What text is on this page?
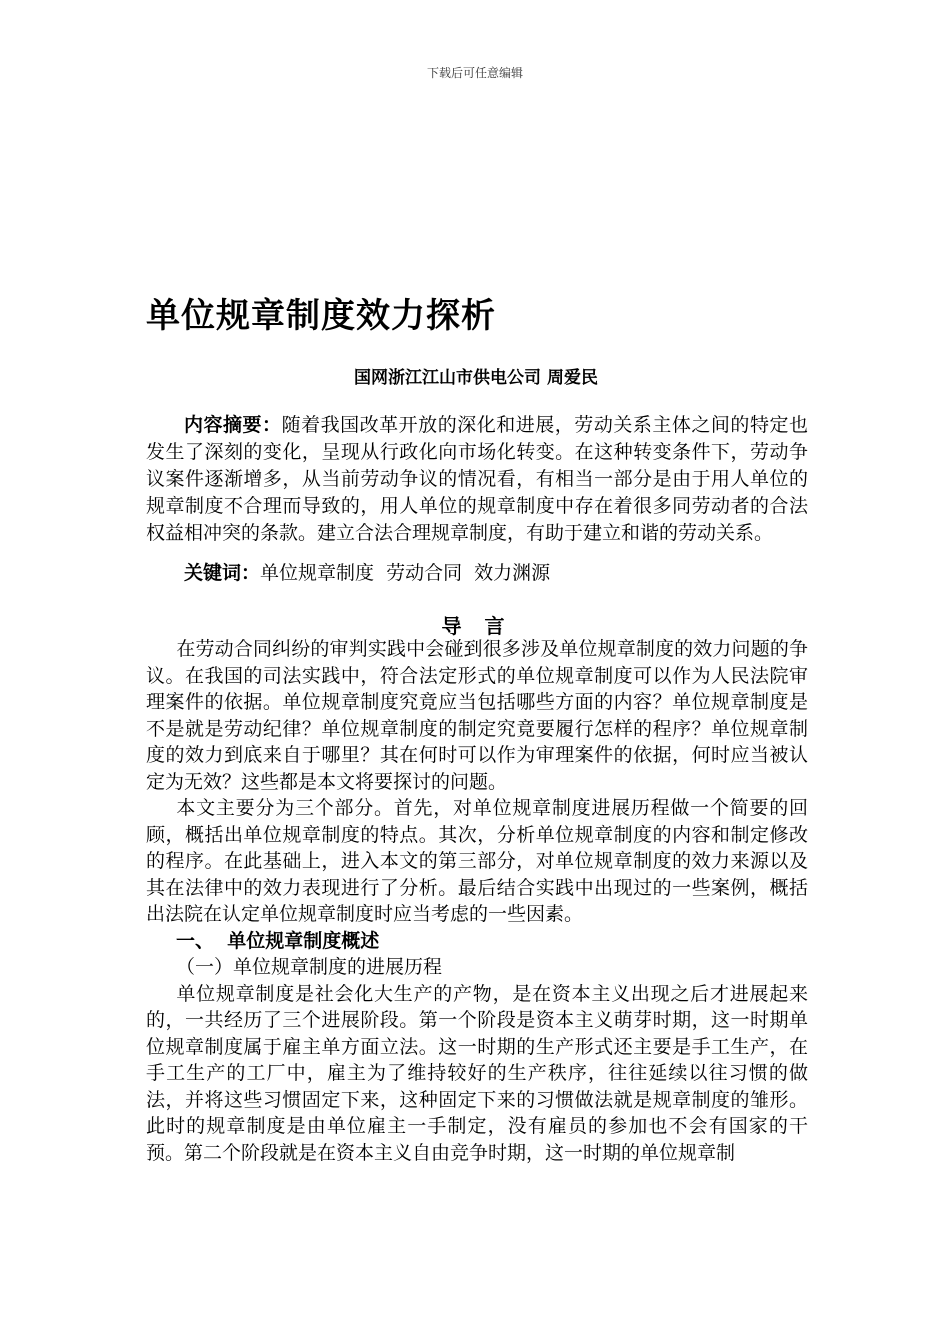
下载后可任意编辑
单位规章制度效力探析
国网浙江江山市供电公司 周爱民

内容摘要：随着我国改革开放的深化和进展，劳动关系主体之间的特定也发生了深刻的变化，呈现从行政化向市场化转变。在这种转变条件下，劳动争议案件逐渐增多，从当前劳动争议的情况看，有相当一部分是由于用人单位的规章制度不合理而导致的，用人单位的规章制度中存在着很多同劳动者的合法权益相冲突的条款。建立合法合理规章制度，有助于建立和谐的劳动关系。

关键词：单位规章制度  劳动合同  效力渊源

导 言

在劳动合同纠纷的审判实践中会碰到很多涉及单位规章制度的效力问题的争议。在我国的司法实践中，符合法定形式的单位规章制度可以作为人民法院审理案件的依据。单位规章制度究竟应当包括哪些方面的内容？单位规章制度是不是就是劳动纪律？单位规章制度的制定究竟要履行怎样的程序？单位规章制度的效力到底来自于哪里？其在何时可以作为审理案件的依据，何时应当被认定为无效？这些都是本文将要探讨的问题。

本文主要分为三个部分。首先，对单位规章制度进展历程做一个简要的回顾，概括出单位规章制度的特点。其次，分析单位规章制度的内容和制定修改的程序。在此基础上，进入本文的第三部分，对单位规章制度的效力来源以及其在法律中的效力表现进行了分析。最后结合实践中出现过的一些案例，概括出法院在认定单位规章制度时应当考虑的一些因素。

一、  单位规章制度概述
（一）单位规章制度的进展历程

单位规章制度是社会化大生产的产物，是在资本主义出现之后才进展起来的，一共经历了三个进展阶段。第一个阶段是资本主义萌芽时期，这一时期单位规章制度属于雇主单方面立法。这一时期的生产形式还主要是手工生产，在手工生产的工厂中，雇主为了维持较好的生产秩序，往往延续以往习惯的做法，并将这些习惯固定下来，这种固定下来的习惯做法就是规章制度的雏形。此时的规章制度是由单位雇主一手制定，没有雇员的参加也不会有国家的干预。第二个阶段就是在资本主义自由竞争时期，这一时期的单位规章制
